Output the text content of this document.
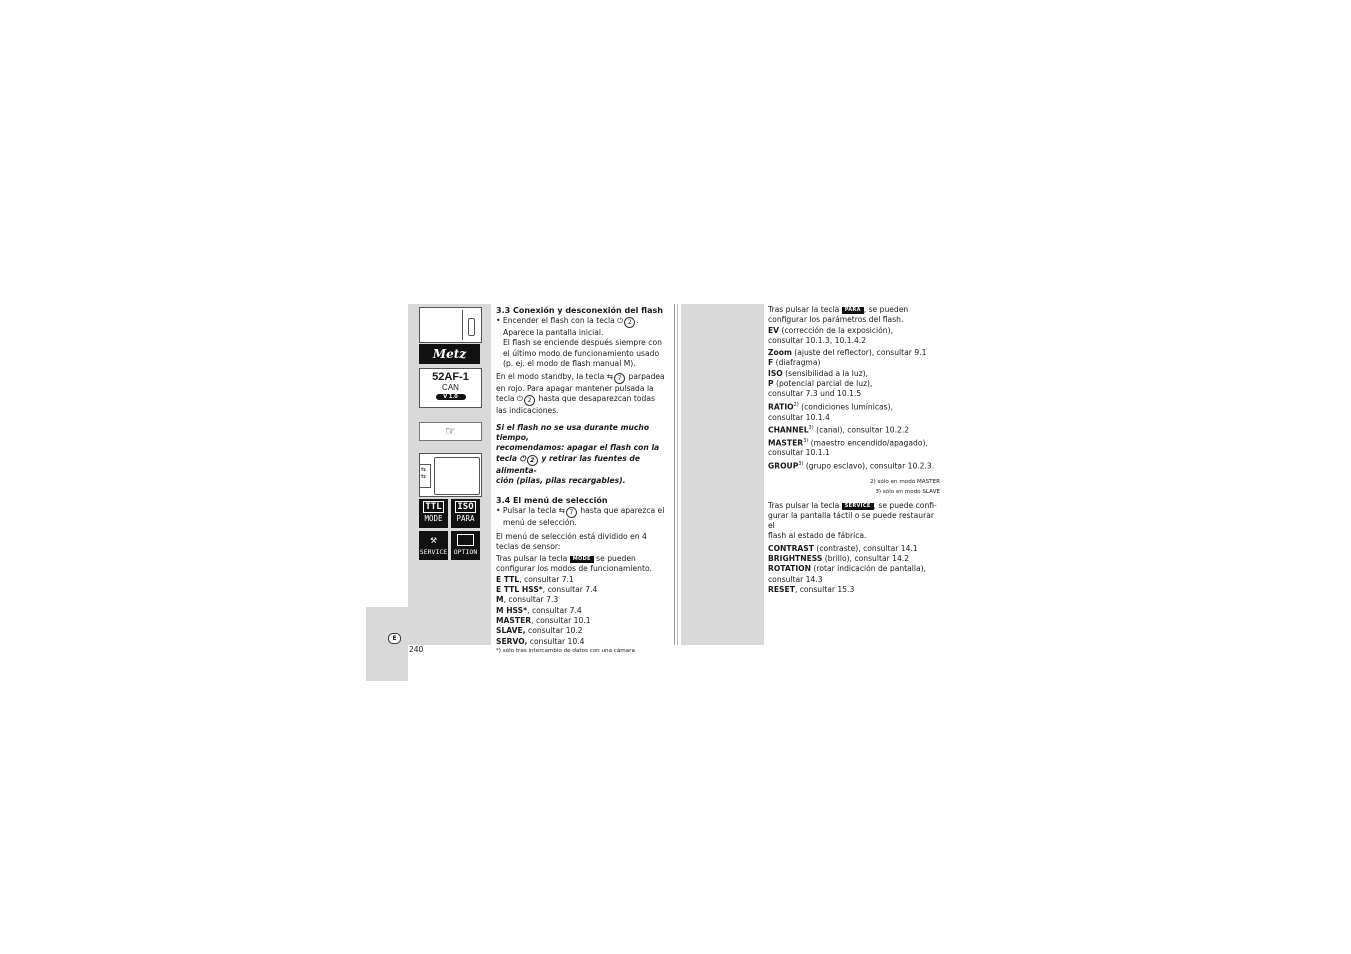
E
240
Metz
52AF-1
CAN
V 1.0
☞
⇆
⇆
TTL
MODE
ISO
PARA
⚒
SERVICE	OPTION
3.3 Conexión y desconexión del flash
• Encender el flash con la tecla ⏻ 2 .
Aparece la pantalla inicial.
El flash se enciende después siempre con
el último modo de funcionamiento usado
(p. ej. el modo de flash manual M).
En el modo standby, la tecla ⇆ 7 parpadea
en rojo. Para apagar mantener pulsada la
tecla ⏻ 2 hasta que desaparezcan todas
las indicaciones.
Si el flash no se usa durante mucho tiempo,
recomendamos: apagar el flash con la
tecla ⏻ 2 y retirar las fuentes de alimenta-
ción (pilas, pilas recargables).
3.4 El menú de selección
• Pulsar la tecla ⇆ 7 hasta que aparezca el
menú de selección.
El menú de selección está dividido en 4
teclas de sensor:
Tras pulsar la tecla MODE se pueden
configurar los modos de funcionamiento.
E TTL, consultar 7.1
E TTL HSS*, consultar 7.4
M, consultar 7.3
M HSS*, consultar 7.4
MASTER, consultar 10.1
SLAVE, consultar 10.2
SERVO, consultar 10.4
*) sólo tras intercambio de datos con una cámara
Tras pulsar la tecla PARA , se pueden
configurar los parámetros del flash.
EV (corrección de la exposición),
consultar 10.1.3, 10.1.4.2
Zoom (ajuste del reflector), consultar 9.1
F (diafragma)
ISO (sensibilidad a la luz),
P (potencial parcial de luz),
consultar 7.3 und 10.1.5
RATIO$^{2)}$ (condiciones lumínicas),
consultar 10.1.4
CHANNEL$^{3)}$ (canal), consultar 10.2.2
MASTER$^{3)}$ (maestro encendido/apagado),
consultar 10.1.1
GROUP$^{3)}$ (grupo esclavo), consultar 10.2.3.
2) sólo en modo MASTER
3) sólo en modo SLAVE
Tras pulsar la tecla SERVICE , se puede confi-
gurar la pantalla táctil o se puede restaurar el
flash al estado de fábrica.
CONTRAST (contraste), consultar 14.1
BRIGHTNESS (brillo), consultar 14.2
ROTATION (rotar indicación de pantalla),
consultar 14.3
RESET, consultar 15.3
